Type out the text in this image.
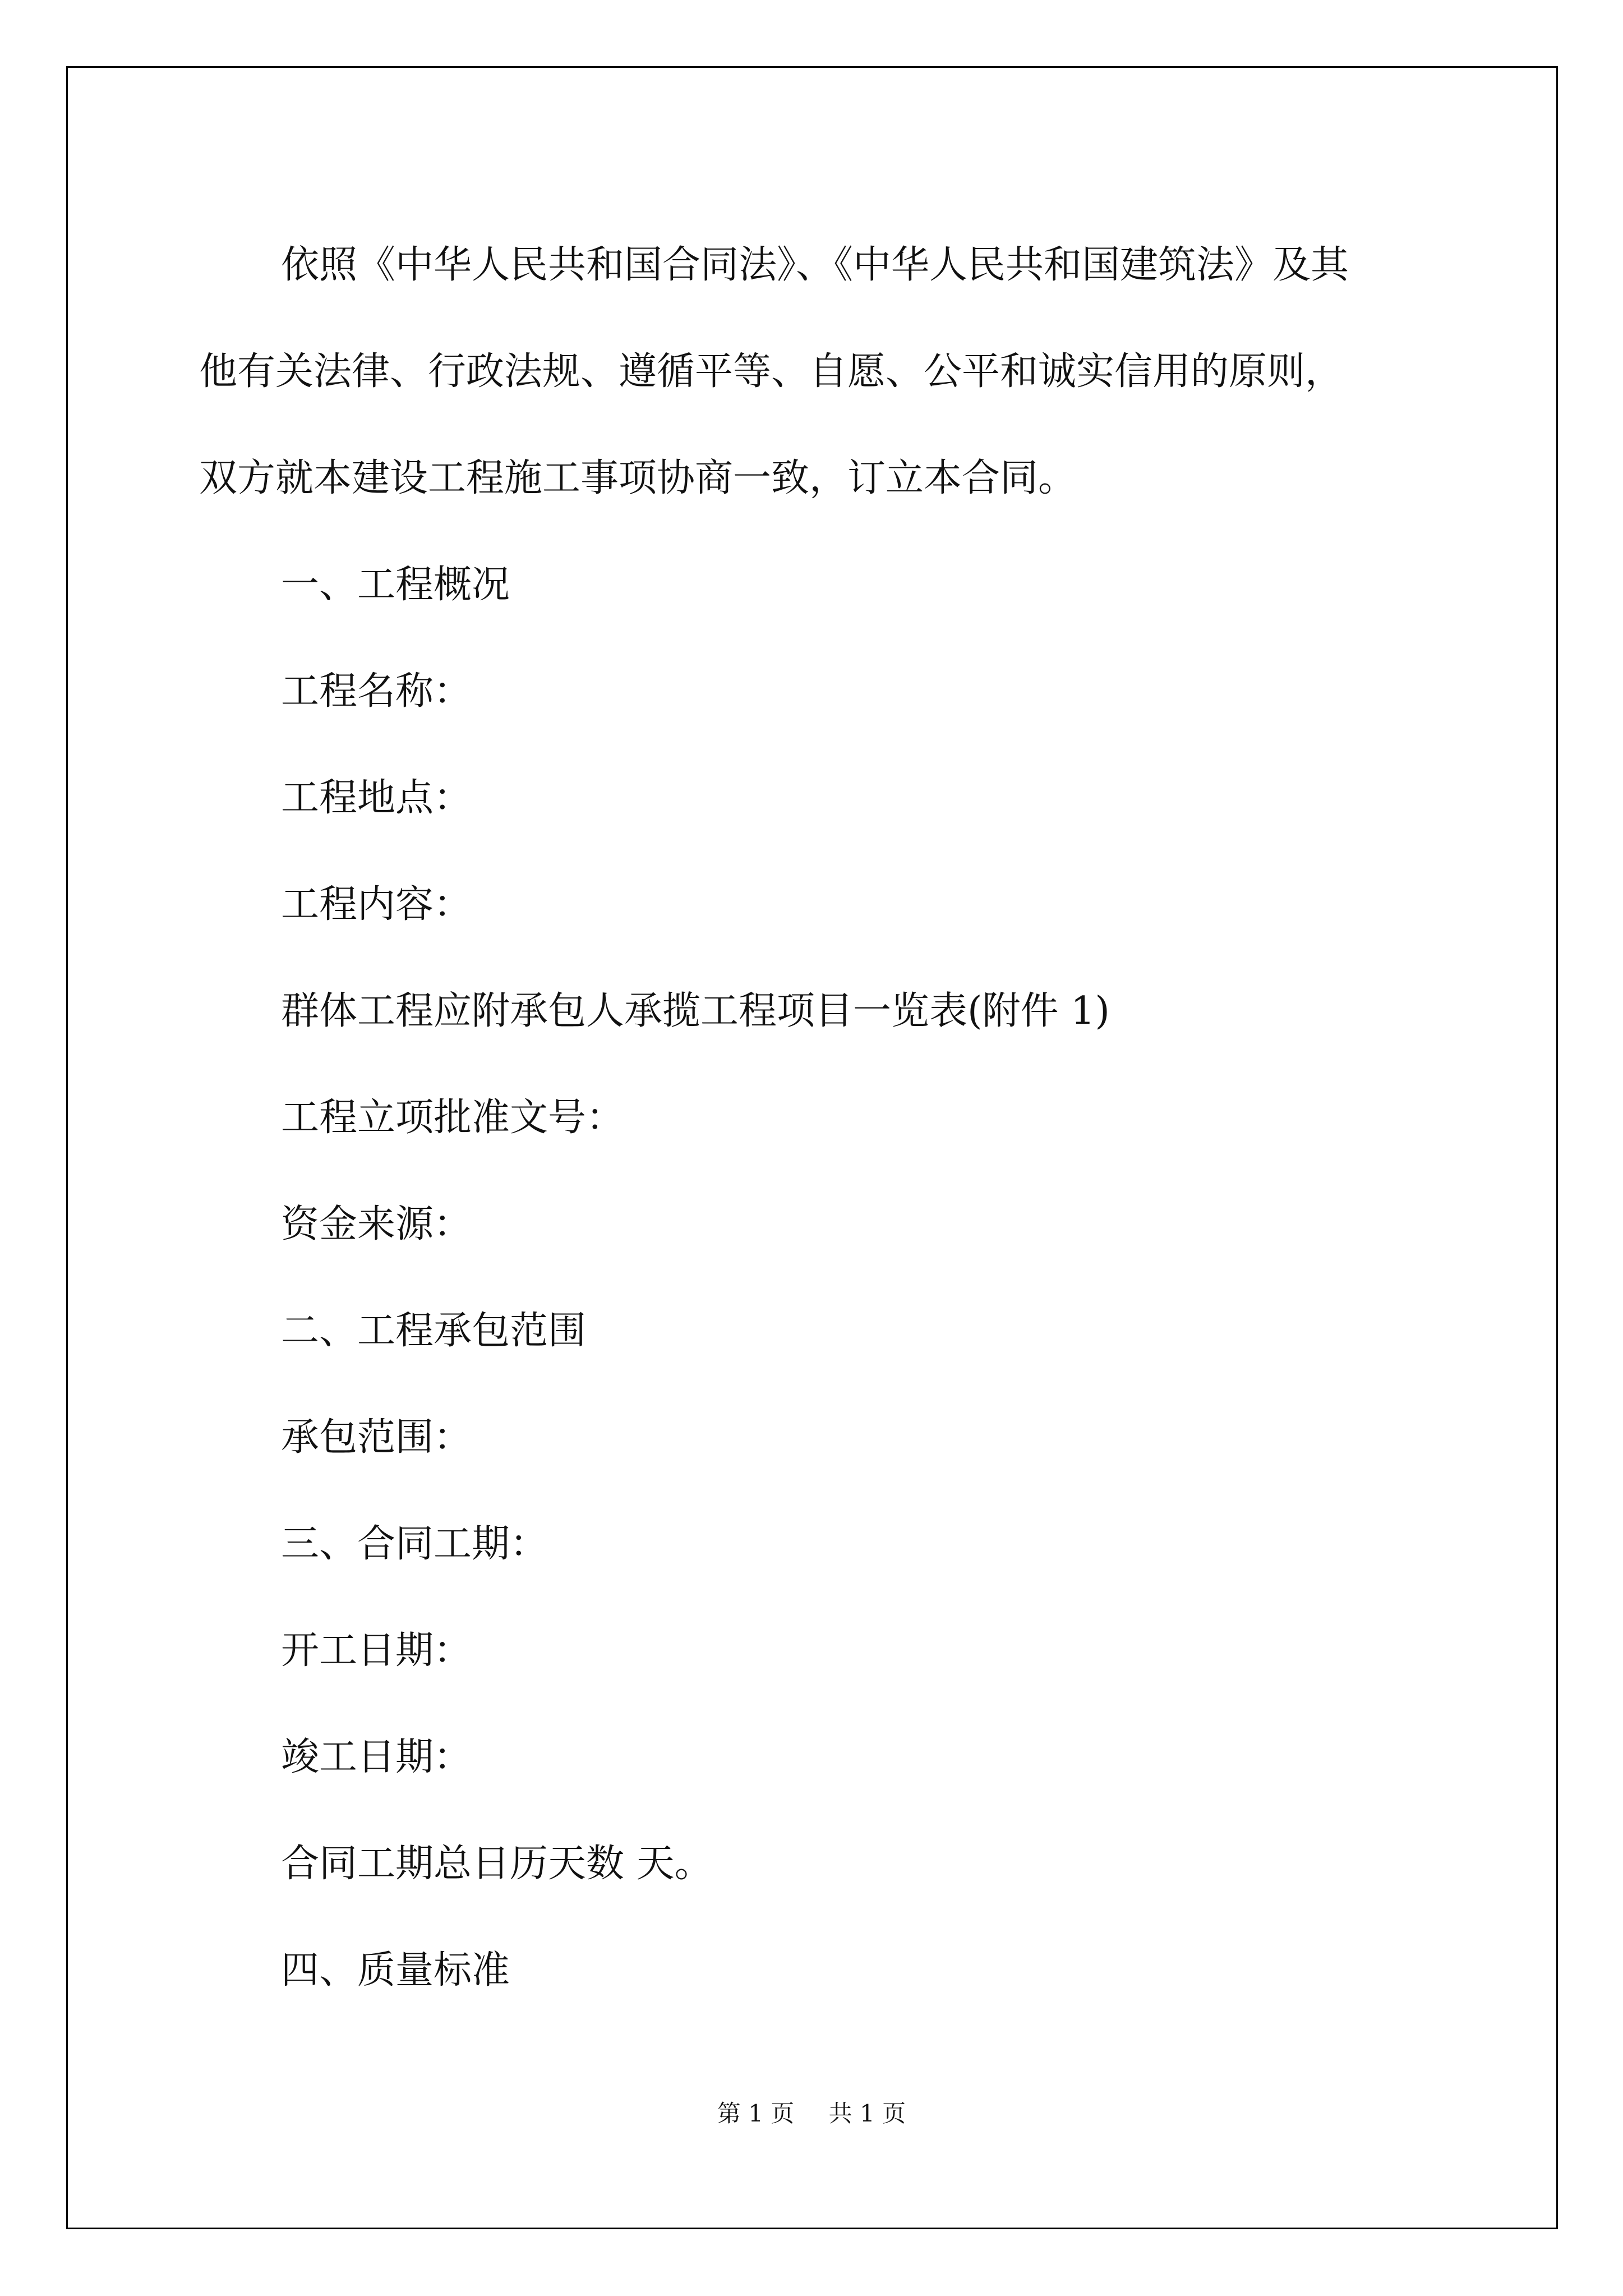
依照《中华人民共和国合同法》、《中华人民共和国建筑法》及其

他有关法律、行政法规、遵循平等、自愿、公平和诚实信用的原则，

双方就本建设工程施工事项协商一致，订立本合同。

一、工程概况

工程名称：

工程地点：

工程内容：

群体工程应附承包人承揽工程项目一览表(附件 1)

工程立项批准文号：

资金来源：

二、工程承包范围

承包范围：

三、合同工期：

开工日期：

竣工日期：

合同工期总日历天数 天。

四、质量标准

第 1 页 共 1 页
